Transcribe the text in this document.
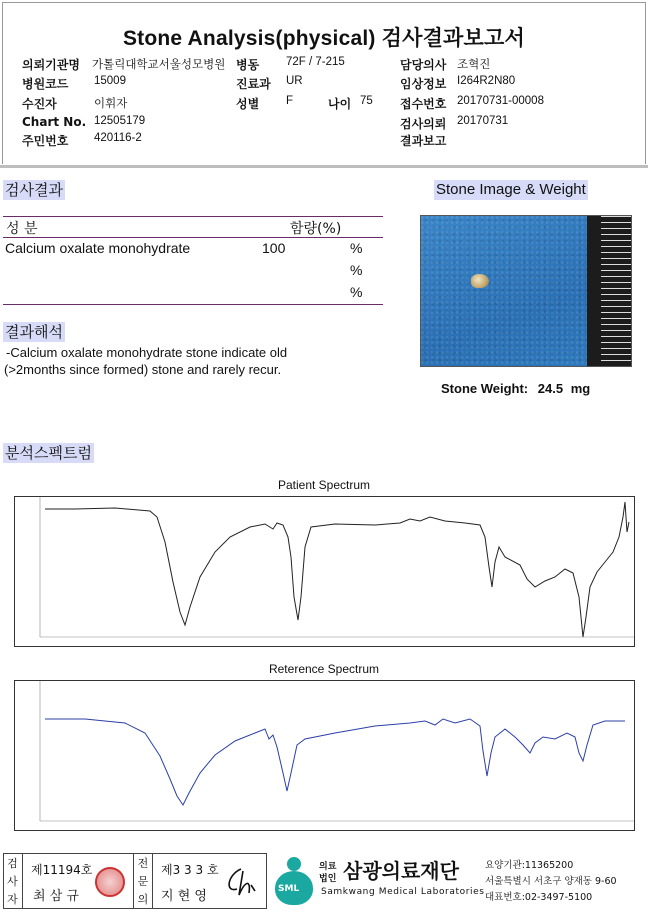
Stone Analysis(physical) 검사결과보고서
의뢰기관명 가톨릭대학교서울성모병원
병원코드 15009
수진자	이휘자
Chart No. 12505179
주민번호 420116-2
병동 72F / 7-215
진료과 UR
성별 F	나이 75
담당의사 조혁진
임상정보 I264R2N80
접수번호 20170731-00008
검사의뢰 20170731
결과보고
검사결과
성 분	함량(%)
Calcium oxalate monohydrate	100	%
%
%
결과해석
-Calcium oxalate monohydrate stone indicate old
(>2months since formed) stone and rarely recur.
Stone Image & Weight
Stone Weight: 24.5 mg
분석스펙트럼
Patient Spectrum
Reterence Spectrum
검사자
제11194호
최 삼 규
전문의
제3 3 3 호
지 현 영	SML
의료
법인 삼광의료재단
Samkwang Medical Laboratories
요양기관:11365200
서울특별시 서초구 양재동 9-60
대표번호:02-3497-5100
